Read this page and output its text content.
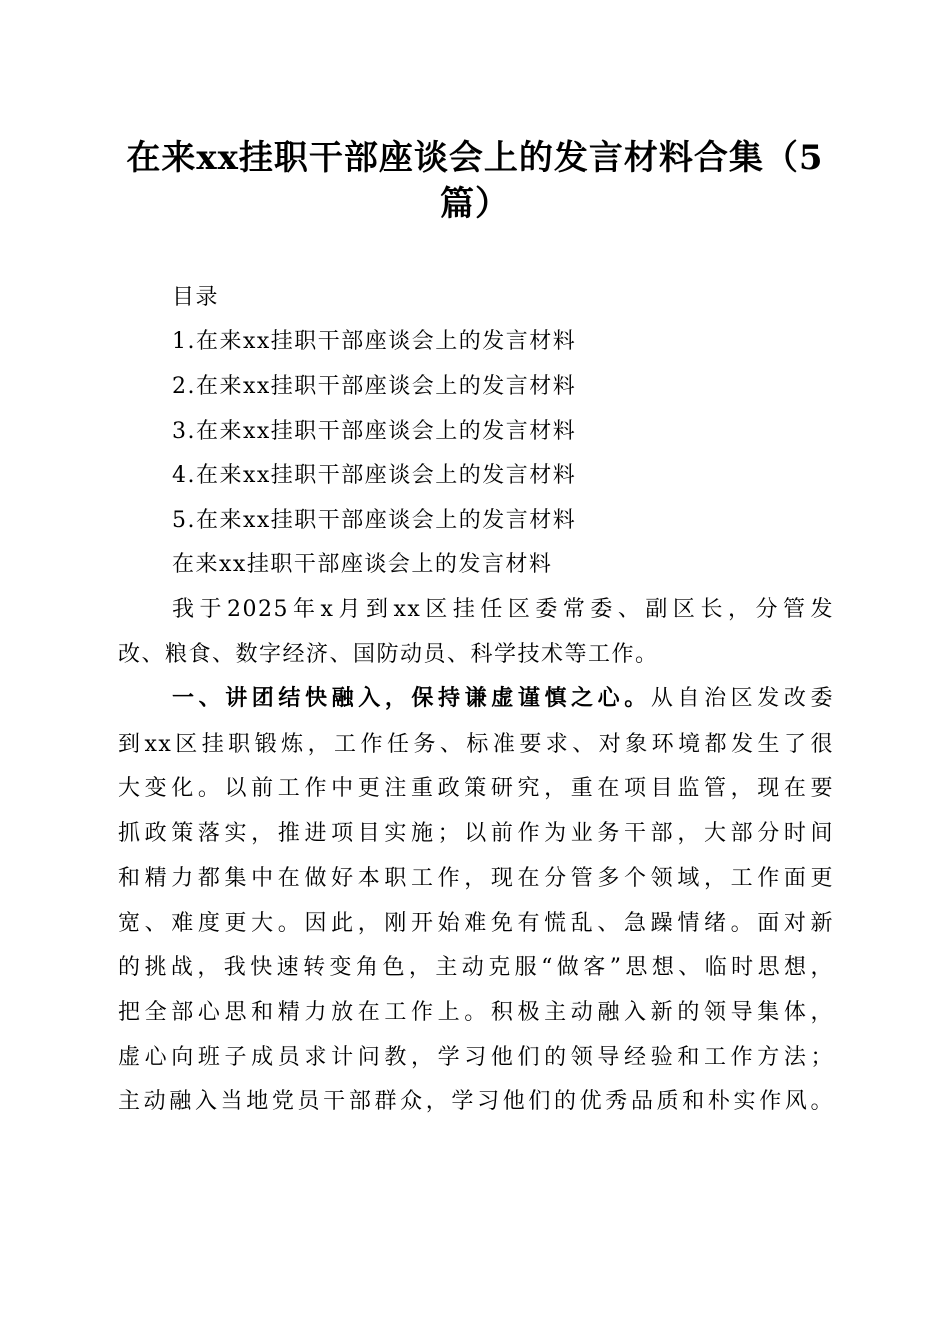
在来xx挂职干部座谈会上的发言材料合集（5篇）
目录
1.在来xx挂职干部座谈会上的发言材料
2.在来xx挂职干部座谈会上的发言材料
3.在来xx挂职干部座谈会上的发言材料
4.在来xx挂职干部座谈会上的发言材料
5.在来xx挂职干部座谈会上的发言材料
在来xx挂职干部座谈会上的发言材料
我于2025年x月到xx区挂任区委常委、副区长，分管发
改、粮食、数字经济、国防动员、科学技术等工作。
一、讲团结快融入，保持谦虚谨慎之心。从自治区发改委
到xx区挂职锻炼，工作任务、标准要求、对象环境都发生了很
大变化。以前工作中更注重政策研究，重在项目监管，现在要
抓政策落实，推进项目实施；以前作为业务干部，大部分时间
和精力都集中在做好本职工作，现在分管多个领域，工作面更
宽、难度更大。因此，刚开始难免有慌乱、急躁情绪。面对新
的挑战，我快速转变角色，主动克服“做客”思想、临时思想，
把全部心思和精力放在工作上。积极主动融入新的领导集体，
虚心向班子成员求计问教，学习他们的领导经验和工作方法；
主动融入当地党员干部群众，学习他们的优秀品质和朴实作风。
